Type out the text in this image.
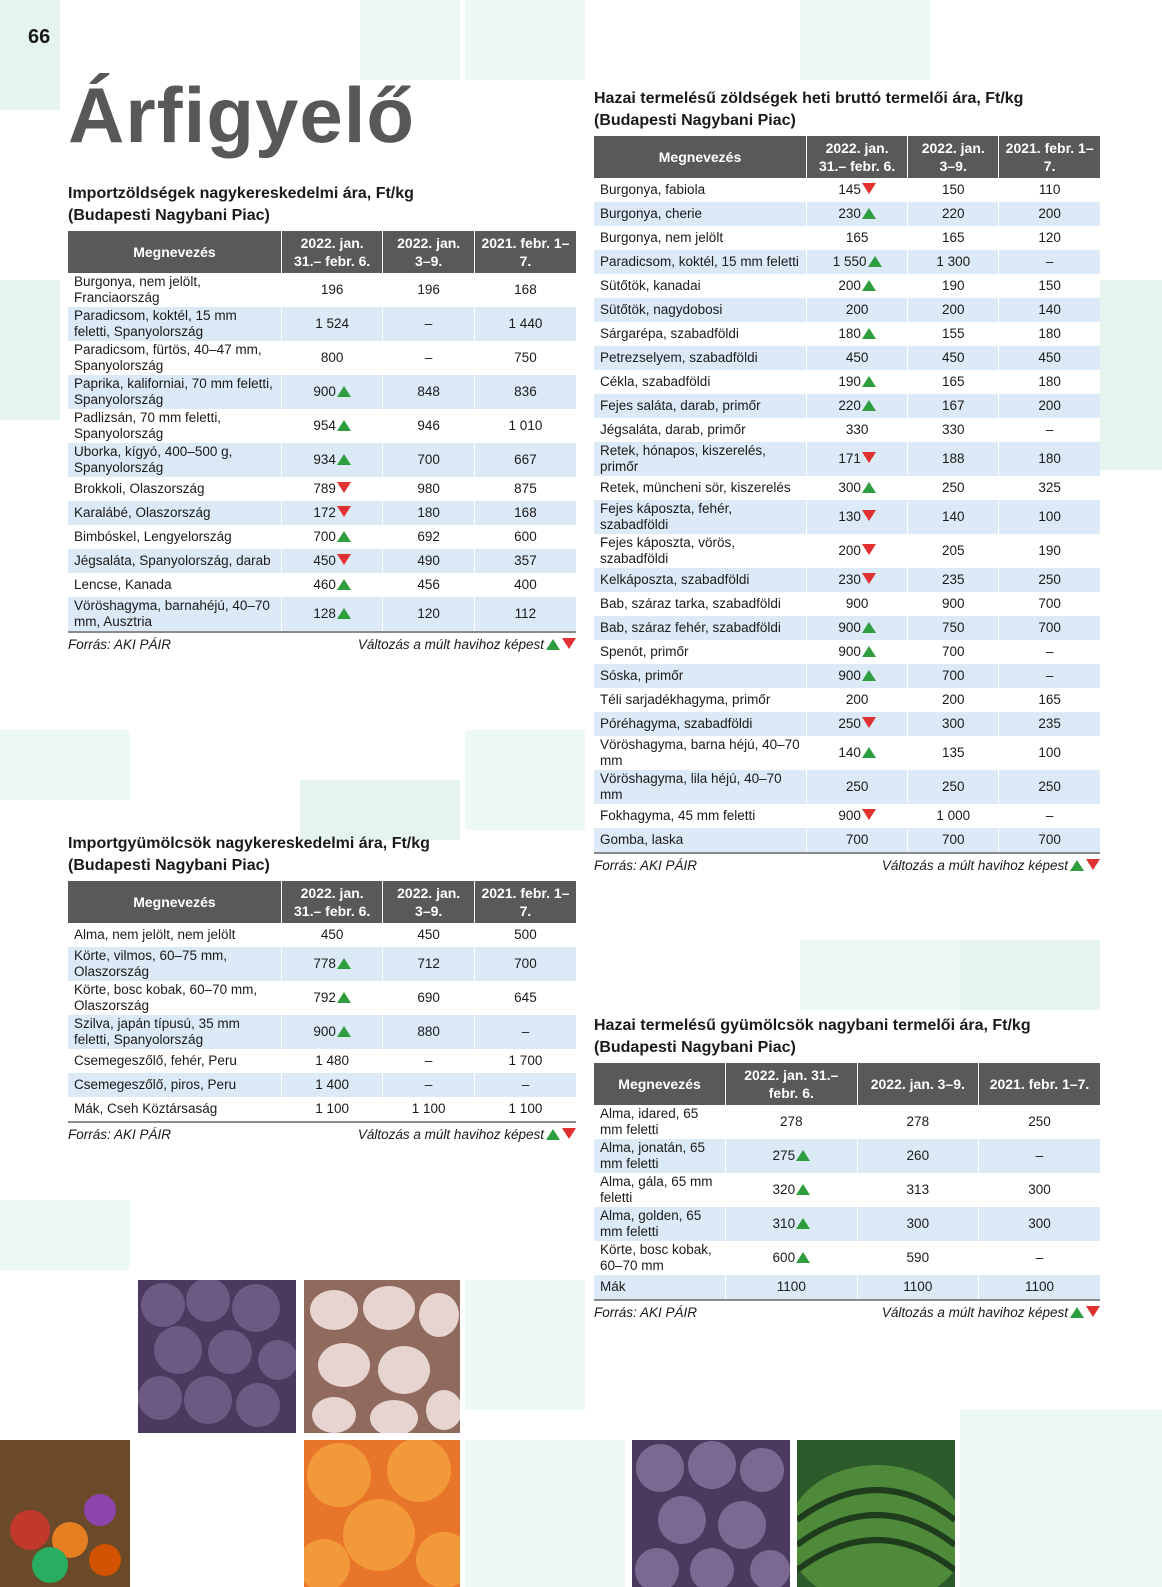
66
Árfigyelő
Importzöldségek nagykereskedelmi ára, Ft/kg
(Budapesti Nagybani Piac)
Megnevezés	2022. jan. 31.– febr. 6.	2022. jan. 3–9.	2021. febr. 1–7.
Burgonya, nem jelölt, Franciaország	196	196	168
Paradicsom, koktél, 15 mm feletti, Spanyolország	1 524	–	1 440
Paradicsom, fürtös, 40–47 mm, Spanyolország	800	–	750
Paprika, kaliforniai, 70 mm feletti, Spanyolország	900	848	836
Padlizsán, 70 mm feletti, Spanyolország	954	946	1 010
Uborka, kígyó, 400–500 g, Spanyolország	934	700	667
Brokkoli, Olaszország	789	980	875
Karalábé, Olaszország	172	180	168
Bimbóskel, Lengyelország	700	692	600
Jégsaláta, Spanyolország, darab	450	490	357
Lencse, Kanada	460	456	400
Vöröshagyma, barnahéjú, 40–70 mm, Ausztria	128	120	112
Forrás: AKI PÁIR	Változás a múlt havihoz képest
Hazai termelésű zöldségek heti bruttó termelői ára, Ft/kg
(Budapesti Nagybani Piac)
Megnevezés	2022. jan. 31.– febr. 6.	2022. jan. 3–9.	2021. febr. 1–7.
Burgonya, fabiola	145	150	110
Burgonya, cherie	230	220	200
Burgonya, nem jelölt	165	165	120
Paradicsom, koktél, 15 mm feletti	1 550	1 300	–
Sütőtök, kanadai	200	190	150
Sütőtök, nagydobosi	200	200	140
Sárgarépa, szabadföldi	180	155	180
Petrezselyem, szabadföldi	450	450	450
Cékla, szabadföldi	190	165	180
Fejes saláta, darab, primőr	220	167	200
Jégsaláta, darab, primőr	330	330	–
Retek, hónapos, kiszerelés, primőr	171	188	180
Retek, müncheni sör, kiszerelés	300	250	325
Fejes káposzta, fehér, szabadföldi	130	140	100
Fejes káposzta, vörös, szabadföldi	200	205	190
Kelkáposzta, szabadföldi	230	235	250
Bab, száraz tarka, szabadföldi	900	900	700
Bab, száraz fehér, szabadföldi	900	750	700
Spenót, primőr	900	700	–
Sóska, primőr	900	700	–
Téli sarjadékhagyma, primőr	200	200	165
Póréhagyma, szabadföldi	250	300	235
Vöröshagyma, barna héjú, 40–70 mm	140	135	100
Vöröshagyma, lila héjú, 40–70 mm	250	250	250
Fokhagyma, 45 mm feletti	900	1 000	–
Gomba, laska	700	700	700
Forrás: AKI PÁIR	Változás a múlt havihoz képest
Importgyümölcsök nagykereskedelmi ára, Ft/kg
(Budapesti Nagybani Piac)
Megnevezés	2022. jan. 31.– febr. 6.	2022. jan. 3–9.	2021. febr. 1–7.
Alma, nem jelölt, nem jelölt	450	450	500
Körte, vilmos, 60–75 mm, Olaszország	778	712	700
Körte, bosc kobak, 60–70 mm, Olaszország	792	690	645
Szilva, japán típusú, 35 mm feletti, Spanyolország	900	880	–
Csemegeszőlő, fehér, Peru	1 480	–	1 700
Csemegeszőlő, piros, Peru	1 400	–	–
Mák, Cseh Köztársaság	1 100	1 100	1 100
Forrás: AKI PÁIR	Változás a múlt havihoz képest
Hazai termelésű gyümölcsök nagybani termelői ára, Ft/kg
(Budapesti Nagybani Piac)
Megnevezés	2022. jan. 31.– febr. 6.	2022. jan. 3–9.	2021. febr. 1–7.
Alma, idared, 65 mm feletti	278	278	250
Alma, jonatán, 65 mm feletti	275	260	–
Alma, gála, 65 mm feletti	320	313	300
Alma, golden, 65 mm feletti	310	300	300
Körte, bosc kobak, 60–70 mm	600	590	–
Mák	1100	1100	1100
Forrás: AKI PÁIR	Változás a múlt havihoz képest
